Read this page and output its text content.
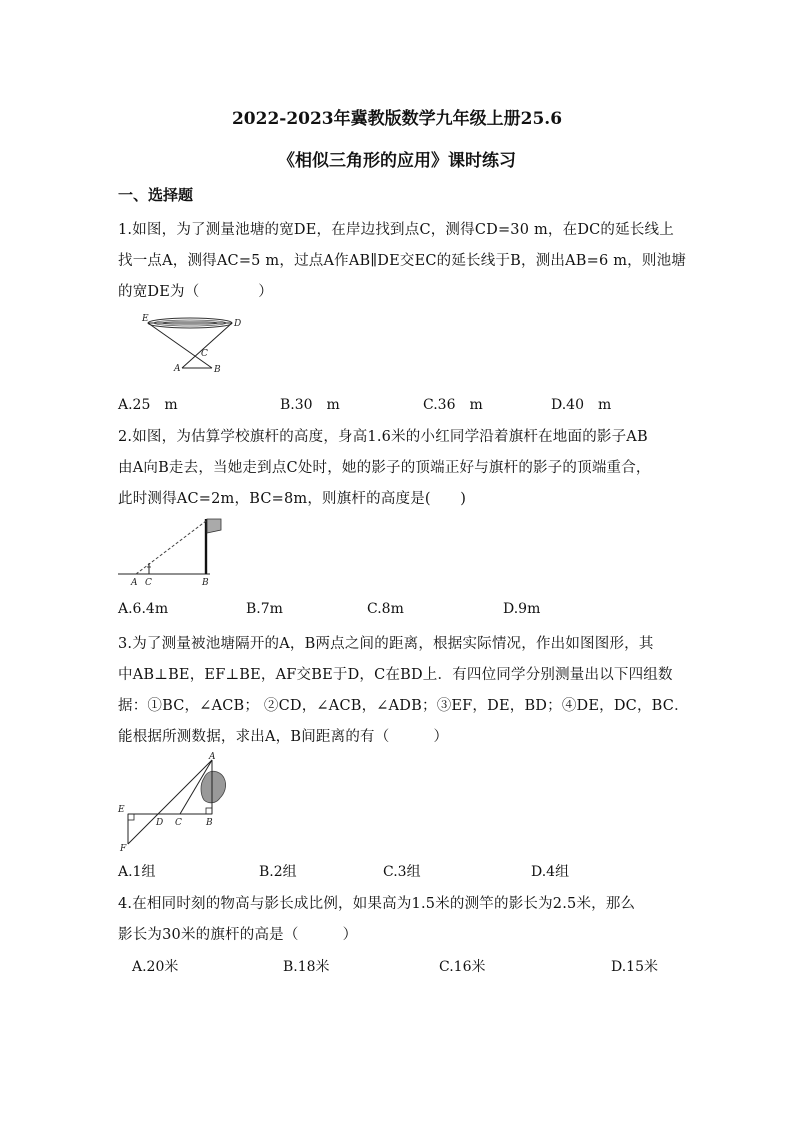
2022-2023年冀教版数学九年级上册25.6
《相似三角形的应用》课时练习
一、选择题
1.如图，为了测量池塘的宽DE，在岸边找到点C，测得CD=30 m，在DC的延长线上
找一点A，测得AC=5 m，过点A作AB∥DE交EC的延长线于B，测出AB=6 m，则池塘
的宽DE为（　　　　）
E	D
C
A	B
A.25　m	B.30　m	C.36　m	D.40　m
2.如图，为估算学校旗杆的高度，身高1.6米的小红同学沿着旗杆在地面的影子AB
由A向B走去，当她走到点C处时，她的影子的顶端正好与旗杆的影子的顶端重合，
此时测得AC=2m，BC=8m，则旗杆的高度是(　　)
A C	B
A.6.4m	B.7m	C.8m	D.9m
3.为了测量被池塘隔开的A，B两点之间的距离，根据实际情况，作出如图图形，其
中AB⊥BE，EF⊥BE，AF交BE于D，C在BD上．有四位同学分别测量出以下四组数
据：①BC，∠ACB； ②CD，∠ACB，∠ADB；③EF，DE，BD；④DE，DC，BC．
能根据所测数据，求出A，B间距离的有（　　　）
A
E
D C	B
F
A.1组	B.2组	C.3组	D.4组
4.在相同时刻的物高与影长成比例，如果高为1.5米的测竿的影长为2.5米，那么
影长为30米的旗杆的高是（　　　）
A.20米	B.18米	C.16米	D.15米
